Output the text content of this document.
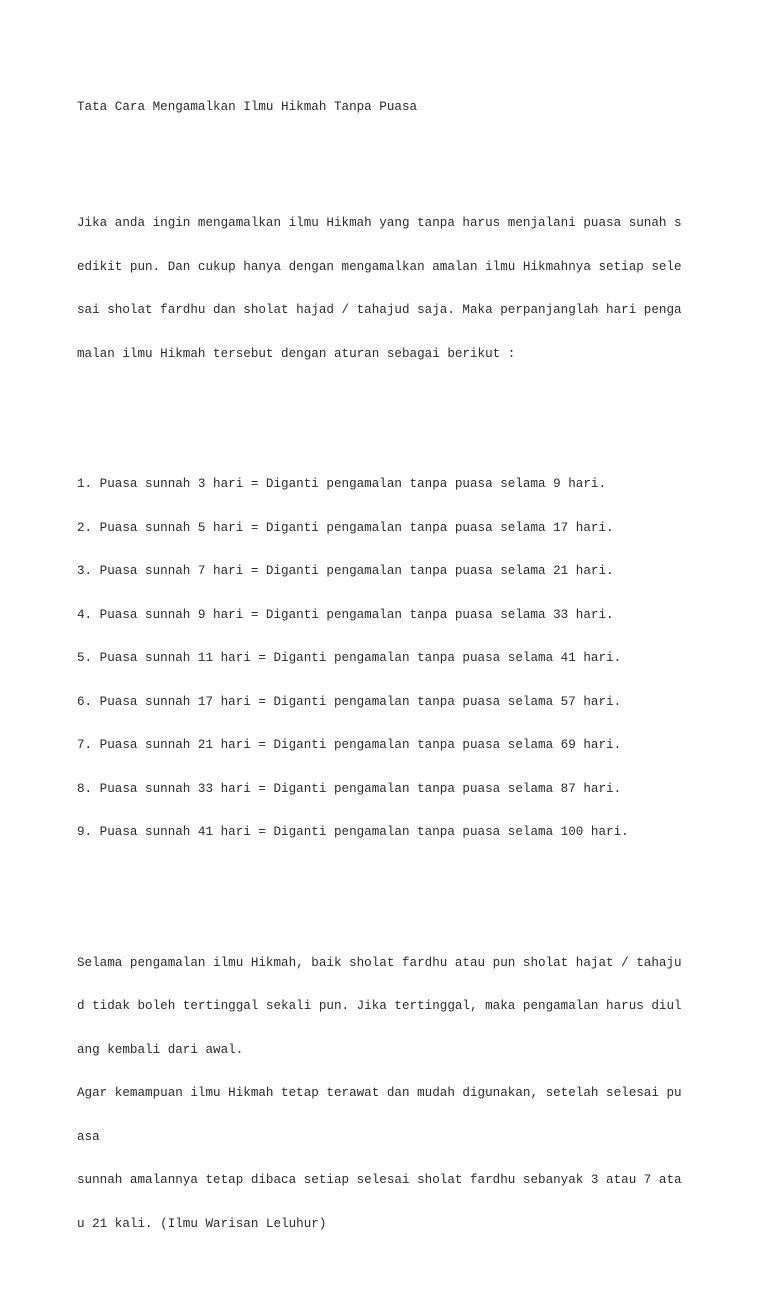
Tata Cara Mengamalkan Ilmu Hikmah Tanpa Puasa

Jika anda ingin mengamalkan ilmu Hikmah yang tanpa harus menjalani puasa sunah s

edikit pun. Dan cukup hanya dengan mengamalkan amalan ilmu Hikmahnya setiap sele

sai sholat fardhu dan sholat hajad / tahajud saja. Maka perpanjanglah hari penga

malan ilmu Hikmah tersebut dengan aturan sebagai berikut :

1. Puasa sunnah 3 hari = Diganti pengamalan tanpa puasa selama 9 hari.

2. Puasa sunnah 5 hari = Diganti pengamalan tanpa puasa selama 17 hari.

3. Puasa sunnah 7 hari = Diganti pengamalan tanpa puasa selama 21 hari.

4. Puasa sunnah 9 hari = Diganti pengamalan tanpa puasa selama 33 hari.

5. Puasa sunnah 11 hari = Diganti pengamalan tanpa puasa selama 41 hari.

6. Puasa sunnah 17 hari = Diganti pengamalan tanpa puasa selama 57 hari.

7. Puasa sunnah 21 hari = Diganti pengamalan tanpa puasa selama 69 hari.

8. Puasa sunnah 33 hari = Diganti pengamalan tanpa puasa selama 87 hari.

9. Puasa sunnah 41 hari = Diganti pengamalan tanpa puasa selama 100 hari.

Selama pengamalan ilmu Hikmah, baik sholat fardhu atau pun sholat hajat / tahaju

d tidak boleh tertinggal sekali pun. Jika tertinggal, maka pengamalan harus diul

ang kembali dari awal.

Agar kemampuan ilmu Hikmah tetap terawat dan mudah digunakan, setelah selesai pu

asa

sunnah amalannya tetap dibaca setiap selesai sholat fardhu sebanyak 3 atau 7 ata

u 21 kali. (Ilmu Warisan Leluhur)
